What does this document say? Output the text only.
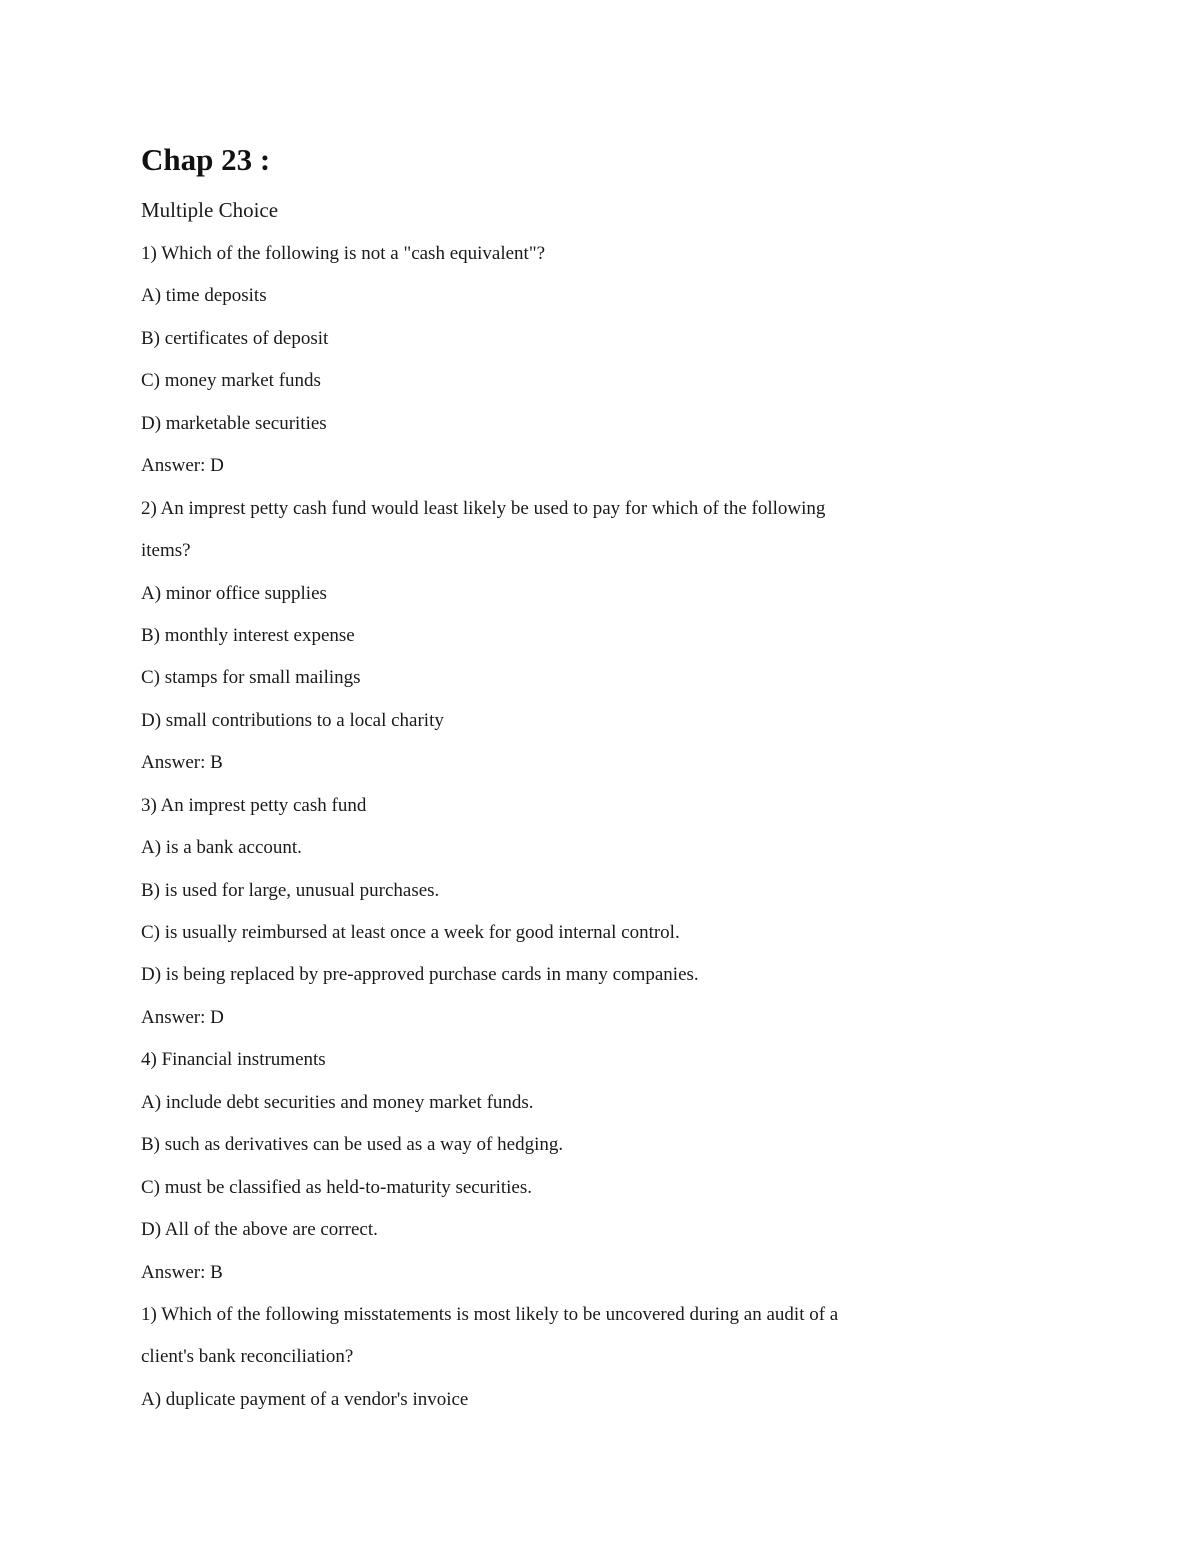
Chap 23 :
Multiple Choice
1) Which of the following is not a "cash equivalent"?
A) time deposits
B) certificates of deposit
C) money market funds
D) marketable securities
Answer: D
2) An imprest petty cash fund would least likely be used to pay for which of the following
items?
A) minor office supplies
B) monthly interest expense
C) stamps for small mailings
D) small contributions to a local charity
Answer: B
3) An imprest petty cash fund
A) is a bank account.
B) is used for large, unusual purchases.
C) is usually reimbursed at least once a week for good internal control.
D) is being replaced by pre-approved purchase cards in many companies.
Answer: D
4) Financial instruments
A) include debt securities and money market funds.
B) such as derivatives can be used as a way of hedging.
C) must be classified as held-to-maturity securities.
D) All of the above are correct.
Answer: B
1) Which of the following misstatements is most likely to be uncovered during an audit of a
client's bank reconciliation?
A) duplicate payment of a vendor's invoice
